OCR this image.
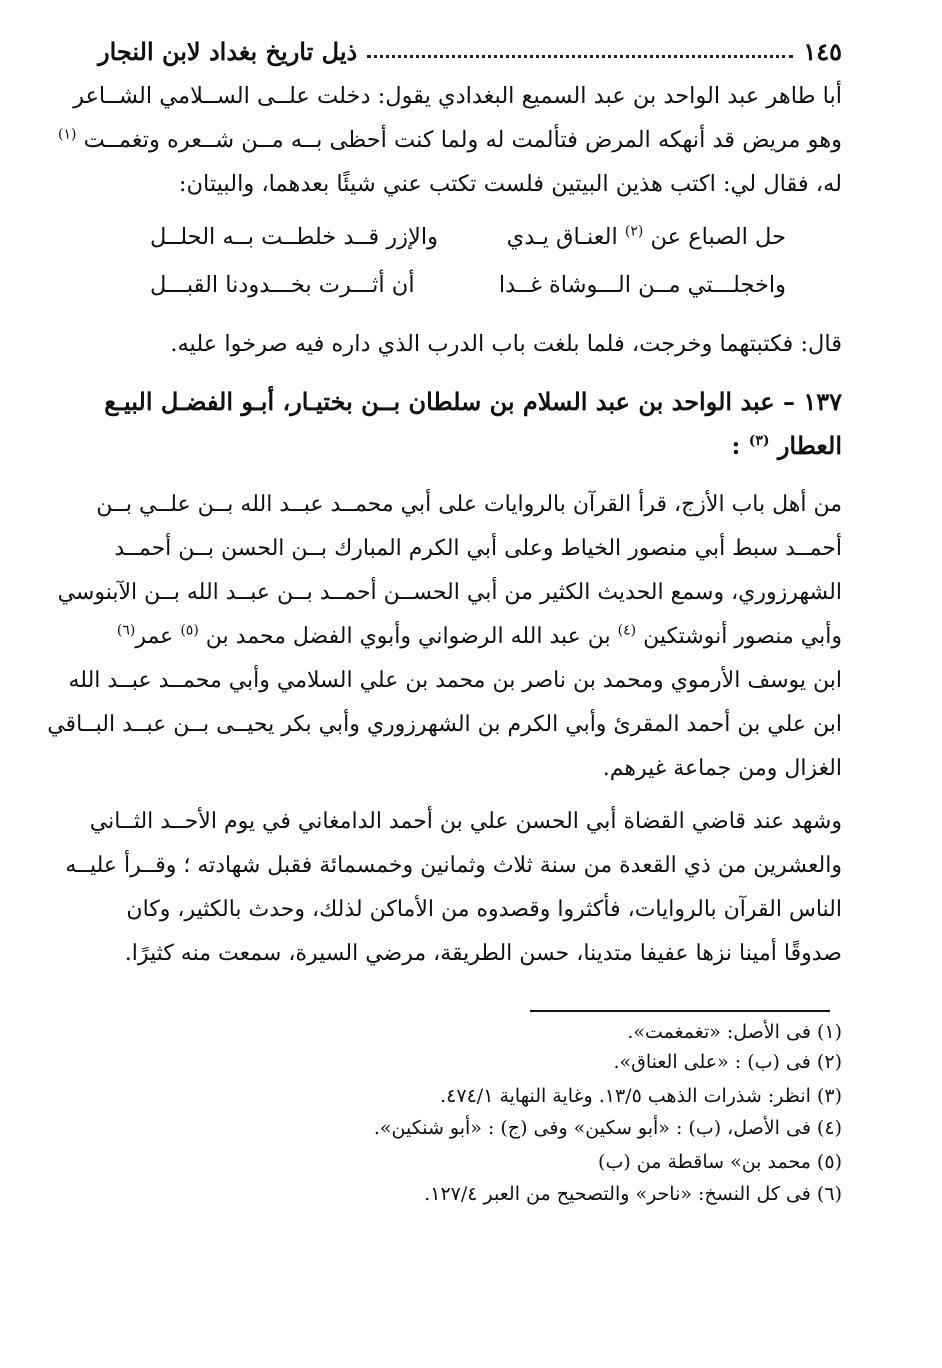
ذيل تاريخ بغداد لابن النجار	١٤٥
أبا طاهر عبد الواحد بن عبد السميع البغدادي يقول: دخلت علــى الســلامي الشــاعر
وهو مريض قد أنهكه المرض فتألمت له ولما كنت أحظى بــه مــن شــعره وتغمــت $^{(١)}$
له، فقال لي: اكتب هذين البيتين فلست تكتب عني شيئًا بعدهما، والبيتان:
حل الصباع عن $^{(٢)}$ العنـاق يـدي
والإزر قــد خلطــت بــه الحلــل
واخجلـــتي مــن الـــوشاة غــدا
أن أثـــرت بخـــدودنا القبـــل
قال: فكتبتهما وخرجت، فلما بلغت باب الدرب الذي داره فيه صرخوا عليه.
١٣٧ – عبد الواحد بن عبد السلام بن سلطان بــن بختيـار، أبـو الفضـل البيـع
العطار $^{(٣)}$ :
من أهل باب الأزج، قرأ القرآن بالروايات على أبي محمــد عبــد الله بــن علــي بــن
أحمــد سبط أبي منصور الخياط وعلى أبي الكرم المبارك بــن الحسن بــن أحمــد
الشهرزوري، وسمع الحديث الكثير من أبي الحســن أحمــد بــن عبــد الله بــن الآبنوسي
وأبي منصور أنوشتكين $^{(٤)}$ بن عبد الله الرضواني وأبوي الفضل محمد بن $^{(٥)}$ عمر$^{(٦)}$
ابن يوسف الأرموي ومحمد بن ناصر بن محمد بن علي السلامي وأبي محمــد عبــد الله
ابن علي بن أحمد المقرئ وأبي الكرم بن الشهرزوري وأبي بكر يحيــى بــن عبــد البــاقي
الغزال ومن جماعة غيرهم.
وشهد عند قاضي القضاة أبي الحسن علي بن أحمد الدامغاني في يوم الأحــد الثــاني
والعشرين من ذي القعدة من سنة ثلاث وثمانين وخمسمائة فقبل شهادته ؛ وقــرأ عليــه
الناس القرآن بالروايات، فأكثروا وقصدوه من الأماكن لذلك، وحدث بالكثير، وكان
صدوقًا أمينا نزها عفيفا متدينا، حسن الطريقة، مرضي السيرة، سمعت منه كثيرًا.
(١) فى الأصل: «تغمغمت».
(٢) فى (ب) : «على العناق».
(٣) انظر: شذرات الذهب ١٣/٥. وغاية النهاية ٤٧٤/١.
(٤) فى الأصل، (ب) : «أبو سكين» وفى (ج) : «أبو شنكين».
(٥) محمد بن» ساقطة من (ب)
(٦) فى كل النسخ: «ناحر» والتصحيح من العبر ١٢٧/٤.
